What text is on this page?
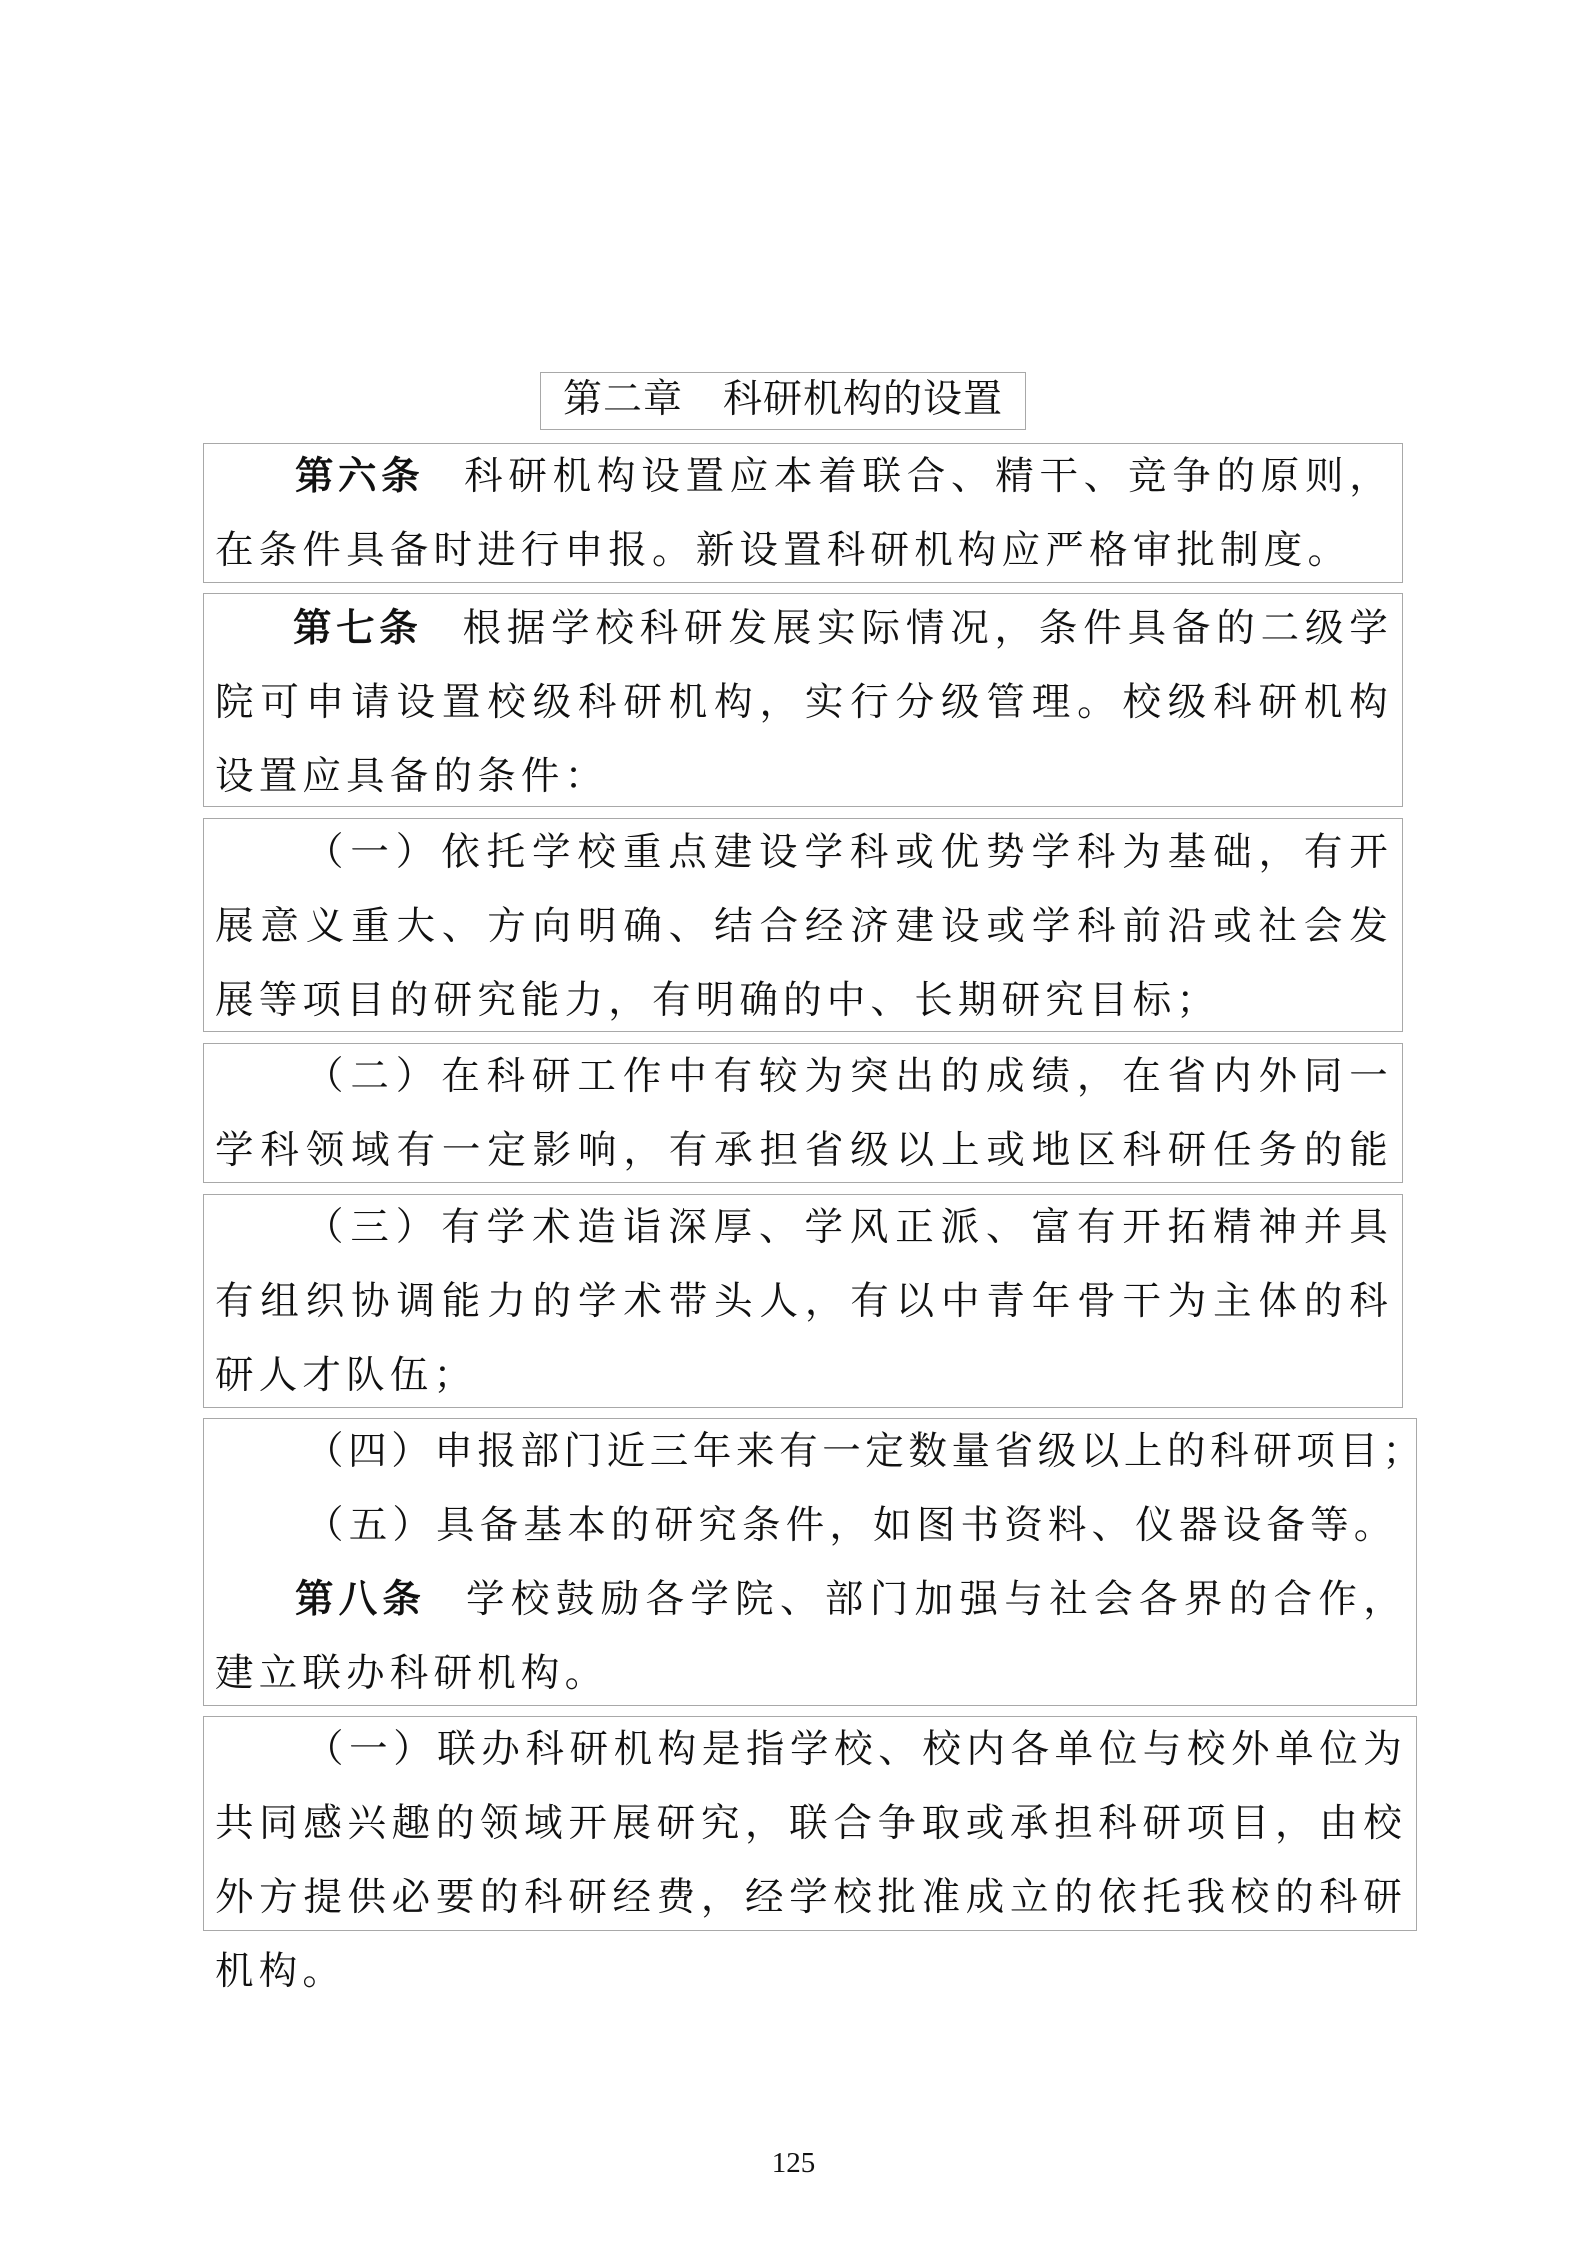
第二章　科研机构的设置

第六条 科研机构设置应本着联合、精干、竞争的原则，在条件具备时进行申报。新设置科研机构应严格审批制度。

第七条 根据学校科研发展实际情况，条件具备的二级学院可申请设置校级科研机构，实行分级管理。校级科研机构设置应具备的条件：

（一）依托学校重点建设学科或优势学科为基础，有开展意义重大、方向明确、结合经济建设或学科前沿或社会发展等项目的研究能力，有明确的中、长期研究目标；

（二）在科研工作中有较为突出的成绩，在省内外同一学科领域有一定影响，有承担省级以上或地区科研任务的能

（三）有学术造诣深厚、学风正派、富有开拓精神并具有组织协调能力的学术带头人，有以中青年骨干为主体的科研人才队伍；

（四）申报部门近三年来有一定数量省级以上的科研项目；

（五）具备基本的研究条件，如图书资料、仪器设备等。

第八条 学校鼓励各学院、部门加强与社会各界的合作，建立联办科研机构。

（一）联办科研机构是指学校、校内各单位与校外单位为共同感兴趣的领域开展研究，联合争取或承担科研项目，由校外方提供必要的科研经费，经学校批准成立的依托我校的科研机构。

125
